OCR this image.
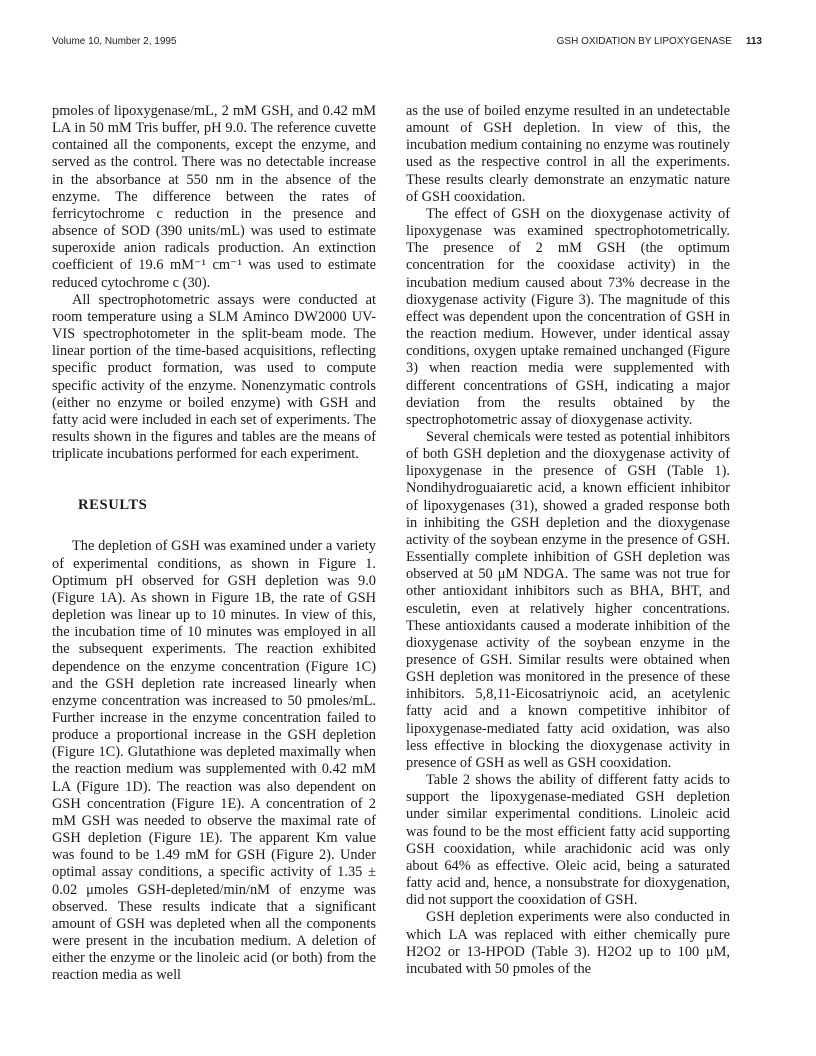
Volume 10, Number 2, 1995	GSH OXIDATION BY LIPOXYGENASE 113

pmoles of lipoxygenase/mL, 2 mM GSH, and 0.42 mM LA in 50 mM Tris buffer, pH 9.0. The reference cuvette contained all the components, except the enzyme, and served as the control. There was no detectable increase in the absorbance at 550 nm in the absence of the enzyme. The difference between the rates of ferricytochrome c reduction in the presence and absence of SOD (390 units/mL) was used to estimate superoxide anion radicals production. An extinction coefficient of 19.6 mM⁻¹ cm⁻¹ was used to estimate reduced cytochrome c (30).

All spectrophotometric assays were conducted at room temperature using a SLM Aminco DW2000 UV-VIS spectrophotometer in the split-beam mode. The linear portion of the time-based acquisitions, reflecting specific product formation, was used to compute specific activity of the enzyme. Nonenzymatic controls (either no enzyme or boiled enzyme) with GSH and fatty acid were included in each set of experiments. The results shown in the figures and tables are the means of triplicate incubations performed for each experiment.

RESULTS

The depletion of GSH was examined under a variety of experimental conditions, as shown in Figure 1. Optimum pH observed for GSH depletion was 9.0 (Figure 1A). As shown in Figure 1B, the rate of GSH depletion was linear up to 10 minutes. In view of this, the incubation time of 10 minutes was employed in all the subsequent experiments. The reaction exhibited dependence on the enzyme concentration (Figure 1C) and the GSH depletion rate increased linearly when enzyme concentration was increased to 50 pmoles/mL. Further increase in the enzyme concentration failed to produce a proportional increase in the GSH depletion (Figure 1C). Glutathione was depleted maximally when the reaction medium was supplemented with 0.42 mM LA (Figure 1D). The reaction was also dependent on GSH concentration (Figure 1E). A concentration of 2 mM GSH was needed to observe the maximal rate of GSH depletion (Figure 1E). The apparent Km value was found to be 1.49 mM for GSH (Figure 2). Under optimal assay conditions, a specific activity of 1.35 ± 0.02 μmoles GSH-depleted/min/nM of enzyme was observed. These results indicate that a significant amount of GSH was depleted when all the components were present in the incubation medium. A deletion of either the enzyme or the linoleic acid (or both) from the reaction media as well

as the use of boiled enzyme resulted in an undetectable amount of GSH depletion. In view of this, the incubation medium containing no enzyme was routinely used as the respective control in all the experiments. These results clearly demonstrate an enzymatic nature of GSH cooxidation.

The effect of GSH on the dioxygenase activity of lipoxygenase was examined spectrophotometrically. The presence of 2 mM GSH (the optimum concentration for the cooxidase activity) in the incubation medium caused about 73% decrease in the dioxygenase activity (Figure 3). The magnitude of this effect was dependent upon the concentration of GSH in the reaction medium. However, under identical assay conditions, oxygen uptake remained unchanged (Figure 3) when reaction media were supplemented with different concentrations of GSH, indicating a major deviation from the results obtained by the spectrophotometric assay of dioxygenase activity.

Several chemicals were tested as potential inhibitors of both GSH depletion and the dioxygenase activity of lipoxygenase in the presence of GSH (Table 1). Nondihydroguaiaretic acid, a known efficient inhibitor of lipoxygenases (31), showed a graded response both in inhibiting the GSH depletion and the dioxygenase activity of the soybean enzyme in the presence of GSH. Essentially complete inhibition of GSH depletion was observed at 50 μM NDGA. The same was not true for other antioxidant inhibitors such as BHA, BHT, and esculetin, even at relatively higher concentrations. These antioxidants caused a moderate inhibition of the dioxygenase activity of the soybean enzyme in the presence of GSH. Similar results were obtained when GSH depletion was monitored in the presence of these inhibitors. 5,8,11-Eicosatriynoic acid, an acetylenic fatty acid and a known competitive inhibitor of lipoxygenase-mediated fatty acid oxidation, was also less effective in blocking the dioxygenase activity in presence of GSH as well as GSH cooxidation.

Table 2 shows the ability of different fatty acids to support the lipoxygenase-mediated GSH depletion under similar experimental conditions. Linoleic acid was found to be the most efficient fatty acid supporting GSH cooxidation, while arachidonic acid was only about 64% as effective. Oleic acid, being a saturated fatty acid and, hence, a nonsubstrate for dioxygenation, did not support the cooxidation of GSH.

GSH depletion experiments were also conducted in which LA was replaced with either chemically pure H2O2 or 13-HPOD (Table 3). H2O2 up to 100 μM, incubated with 50 pmoles of the
